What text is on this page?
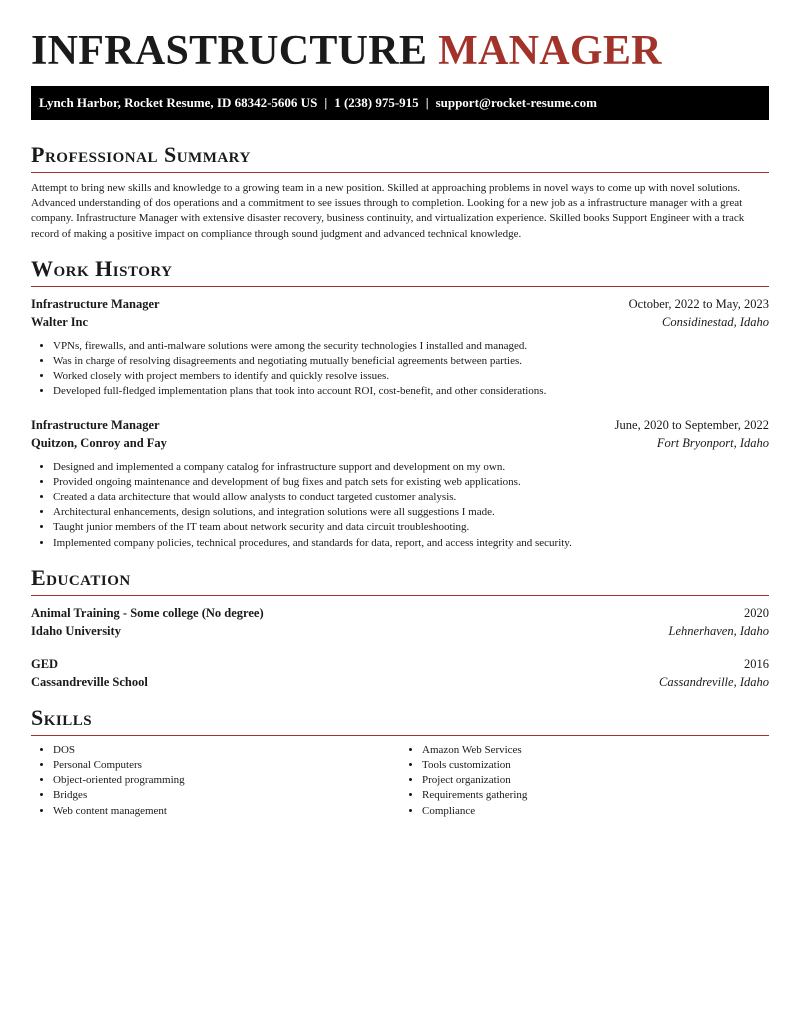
INFRASTRUCTURE MANAGER
Lynch Harbor, Rocket Resume, ID 68342-5606 US | 1 (238) 975-915 | support@rocket-resume.com
Professional Summary

Attempt to bring new skills and knowledge to a growing team in a new position. Skilled at approaching problems in novel ways to come up with novel solutions. Advanced understanding of dos operations and a commitment to see issues through to completion. Looking for a new job as a infrastructure manager with a great company. Infrastructure Manager with extensive disaster recovery, business continuity, and virtualization experience. Skilled books Support Engineer with a track record of making a positive impact on compliance through sound judgment and advanced technical knowledge.

Work History
Infrastructure Manager	October, 2022 to May, 2023
Walter Inc	Considinestad, Idaho
• VPNs, firewalls, and anti-malware solutions were among the security technologies I installed and managed.
• Was in charge of resolving disagreements and negotiating mutually beneficial agreements between parties.
• Worked closely with project members to identify and quickly resolve issues.
• Developed full-fledged implementation plans that took into account ROI, cost-benefit, and other considerations.
Infrastructure Manager	June, 2020 to September, 2022
Quitzon, Conroy and Fay	Fort Bryonport, Idaho
• Designed and implemented a company catalog for infrastructure support and development on my own.
• Provided ongoing maintenance and development of bug fixes and patch sets for existing web applications.
• Created a data architecture that would allow analysts to conduct targeted customer analysis.
• Architectural enhancements, design solutions, and integration solutions were all suggestions I made.
• Taught junior members of the IT team about network security and data circuit troubleshooting.
• Implemented company policies, technical procedures, and standards for data, report, and access integrity and security.
Education
Animal Training - Some college (No degree)	2020
Idaho University	Lehnerhaven, Idaho
GED	2016
Cassandreville School	Cassandreville, Idaho
Skills
• DOS
• Personal Computers
• Object-oriented programming
• Bridges
• Web content management
• Amazon Web Services
• Tools customization
• Project organization
• Requirements gathering
• Compliance
